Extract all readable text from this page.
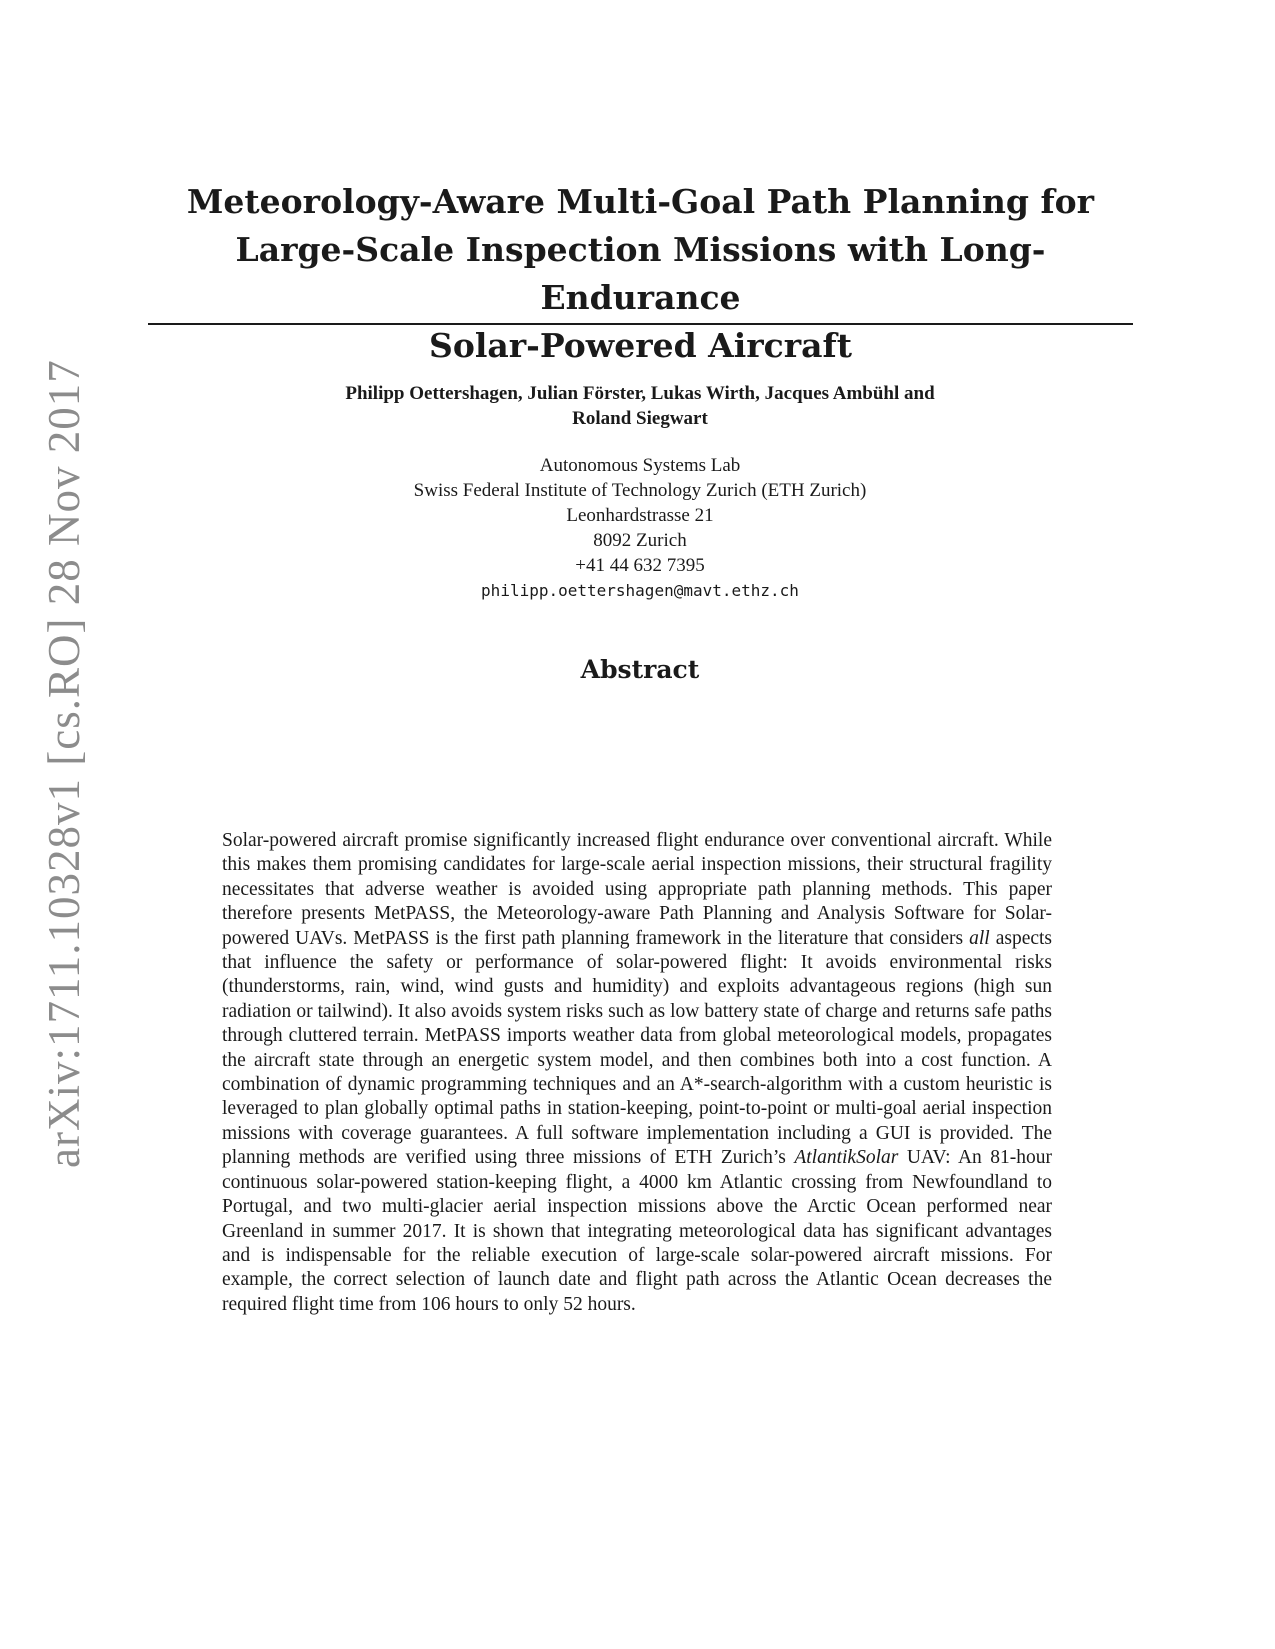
arXiv:1711.10328v1 [cs.RO] 28 Nov 2017
Meteorology-Aware Multi-Goal Path Planning for
Large-Scale Inspection Missions with Long-Endurance
Solar-Powered Aircraft
Philipp Oettershagen, Julian Förster, Lukas Wirth, Jacques Ambühl and
Roland Siegwart
Autonomous Systems Lab
Swiss Federal Institute of Technology Zurich (ETH Zurich)
Leonhardstrasse 21
8092 Zurich
+41 44 632 7395
philipp.oettershagen@mavt.ethz.ch
Abstract
Solar-powered aircraft promise significantly increased flight endurance over conventional aircraft. While this makes them promising candidates for large-scale aerial inspection missions, their structural fragility necessitates that adverse weather is avoided using appropriate path planning methods. This paper therefore presents MetPASS, the Meteorology-aware Path Planning and Analysis Software for Solar-powered UAVs. MetPASS is the first path planning framework in the literature that considers all aspects that influence the safety or performance of solar-powered flight: It avoids environmental risks (thunderstorms, rain, wind, wind gusts and humidity) and exploits advantageous regions (high sun radiation or tailwind). It also avoids system risks such as low battery state of charge and returns safe paths through cluttered terrain. MetPASS imports weather data from global meteorological models, propagates the aircraft state through an energetic system model, and then combines both into a cost function. A combination of dynamic programming techniques and an A*-search-algorithm with a custom heuristic is leveraged to plan globally optimal paths in station-keeping, point-to-point or multi-goal aerial inspection missions with coverage guarantees. A full software implementation including a GUI is provided. The planning methods are verified using three missions of ETH Zurich’s AtlantikSolar UAV: An 81-hour continuous solar-powered station-keeping flight, a 4000 km Atlantic crossing from Newfoundland to Portugal, and two multi-glacier aerial inspection missions above the Arctic Ocean performed near Greenland in summer 2017. It is shown that integrating meteorological data has significant advantages and is indispensable for the reliable execution of large-scale solar-powered aircraft missions. For example, the correct selection of launch date and flight path across the Atlantic Ocean decreases the required flight time from 106 hours to only 52 hours.
